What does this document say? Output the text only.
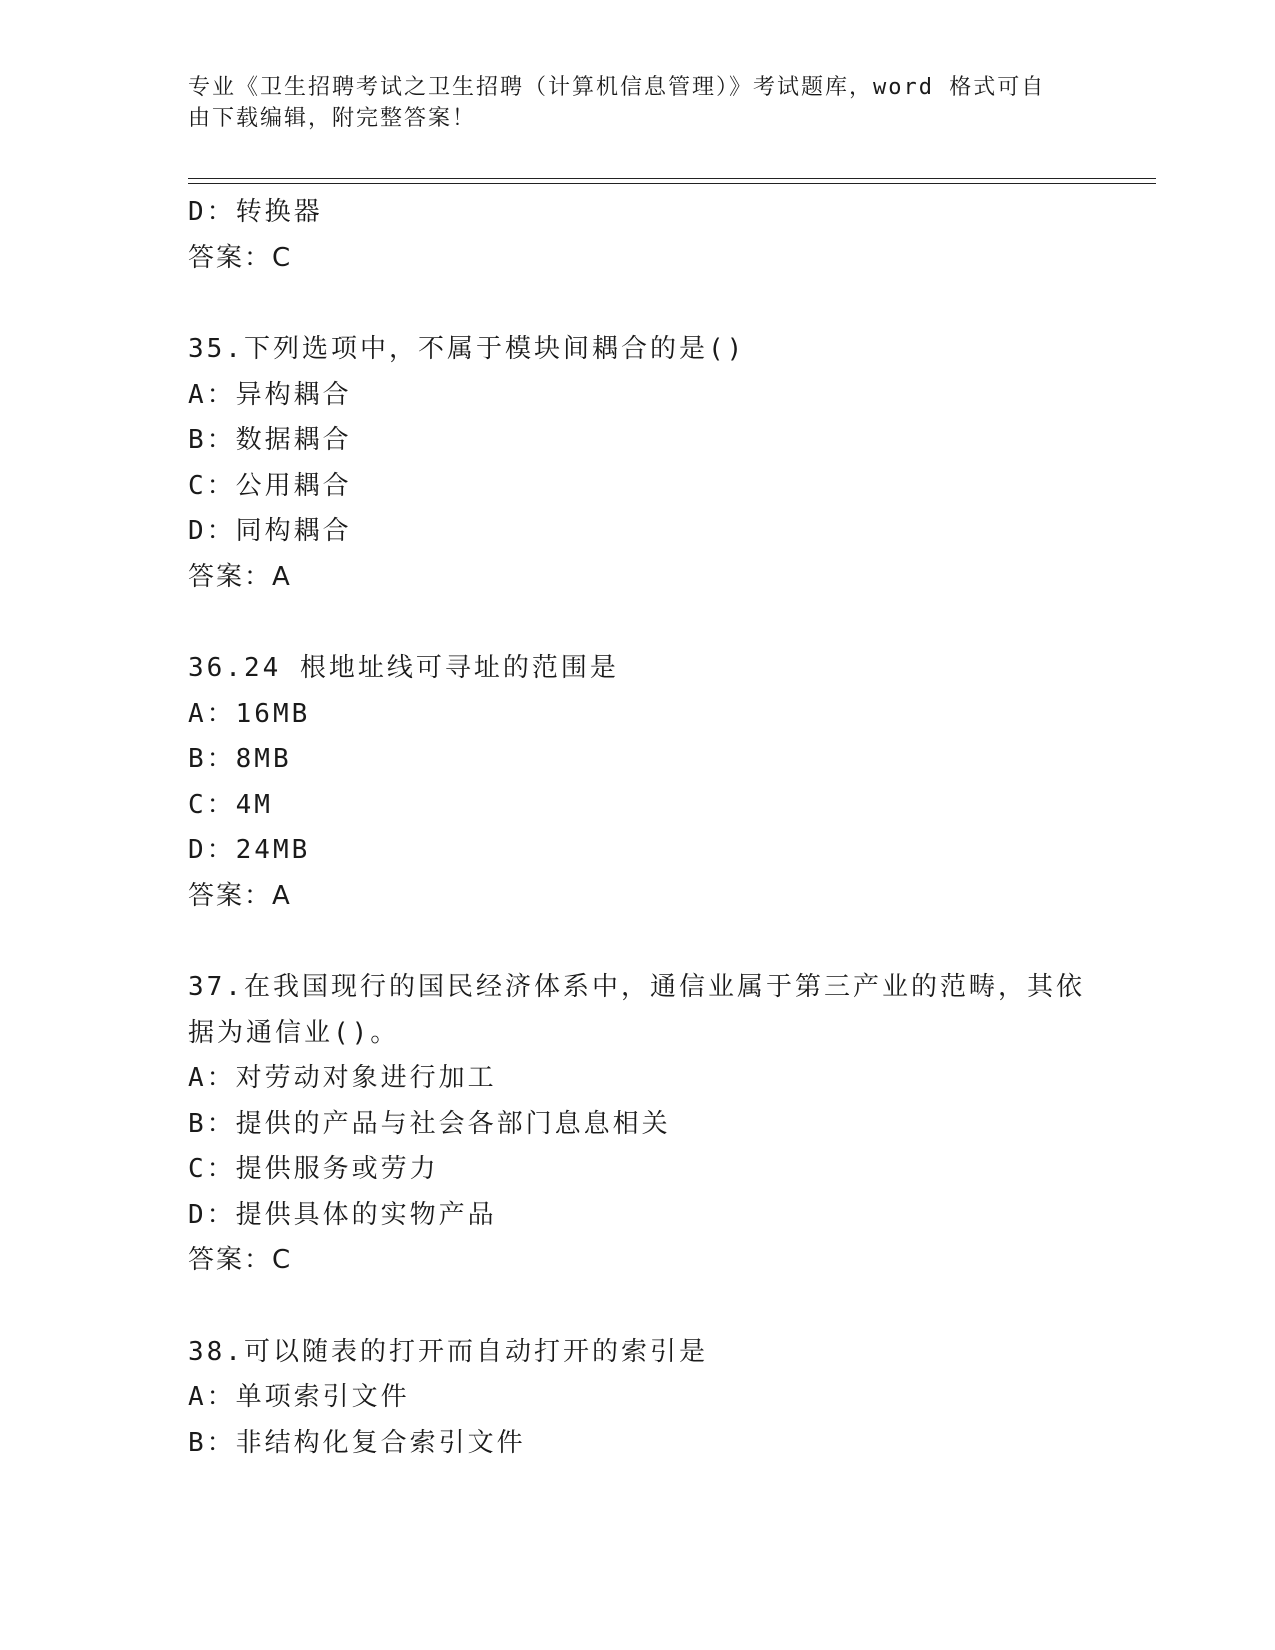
专业《卫生招聘考试之卫生招聘（计算机信息管理）》考试题库，word 格式可自
由下载编辑，附完整答案！
D：转换器
答案：C
35.下列选项中，不属于模块间耦合的是()
A：异构耦合
B：数据耦合
C：公用耦合
D：同构耦合
答案：A
36.24 根地址线可寻址的范围是
A：16MB
B：8MB
C：4M
D：24MB
答案：A
37.在我国现行的国民经济体系中，通信业属于第三产业的范畴，其依
据为通信业()。
A：对劳动对象进行加工
B：提供的产品与社会各部门息息相关
C：提供服务或劳力
D：提供具体的实物产品
答案：C
38.可以随表的打开而自动打开的索引是
A：单项索引文件
B：非结构化复合索引文件
